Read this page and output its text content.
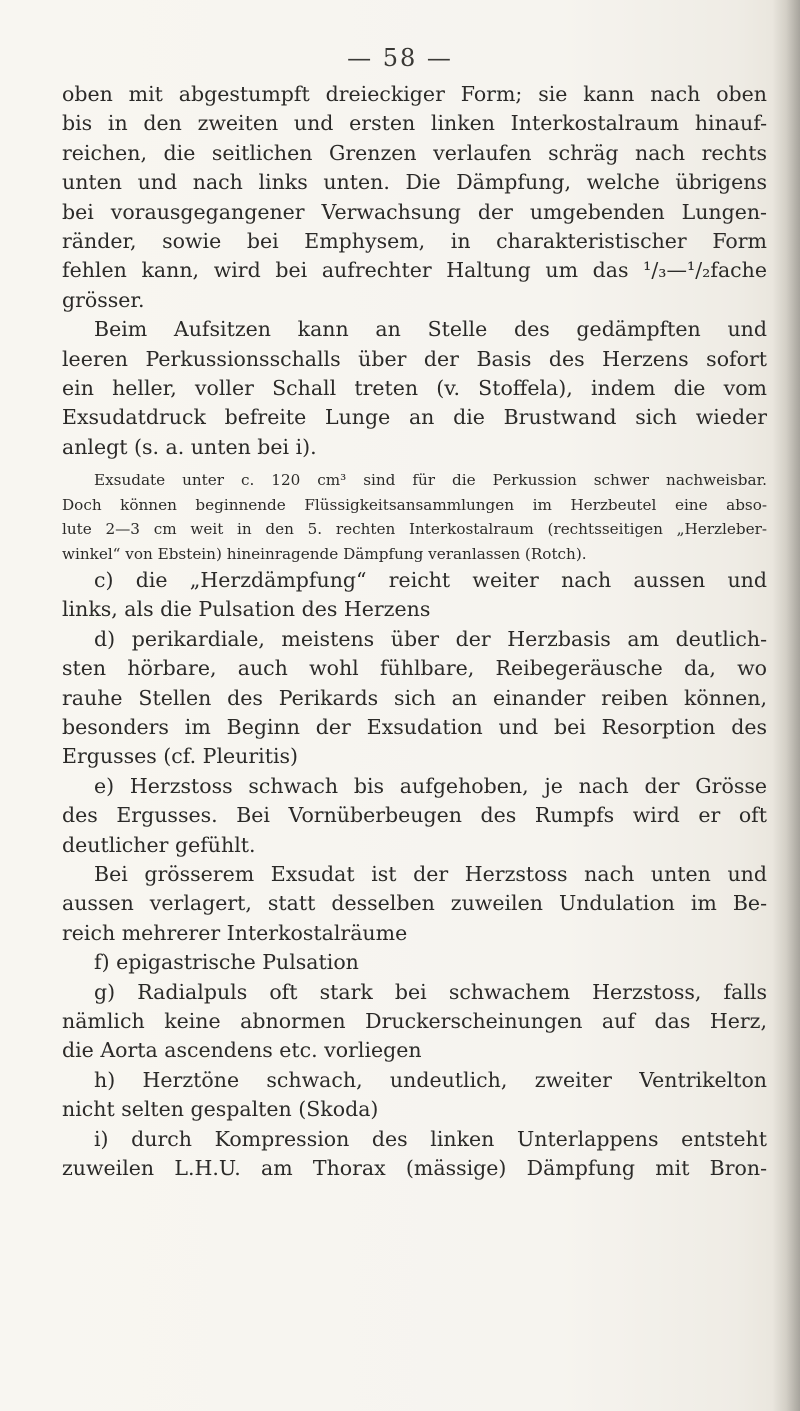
— 58 —
oben mit abgestumpft dreieckiger Form; sie kann nach oben
bis in den zweiten und ersten linken Interkostalraum hinauf-
reichen, die seitlichen Grenzen verlaufen schräg nach rechts
unten und nach links unten. Die Dämpfung, welche übrigens
bei vorausgegangener Verwachsung der umgebenden Lungen-
ränder, sowie bei Emphysem, in charakteristischer Form
fehlen kann, wird bei aufrechter Haltung um das ¹/₃—¹/₂fache
grösser.
Beim Aufsitzen kann an Stelle des gedämpften und
leeren Perkussionsschalls über der Basis des Herzens sofort
ein heller, voller Schall treten (v. Stoffela), indem die vom
Exsudatdruck befreite Lunge an die Brustwand sich wieder
anlegt (s. a. unten bei i).
Exsudate unter c. 120 cm³ sind für die Perkussion schwer nachweisbar.
Doch können beginnende Flüssigkeitsansammlungen im Herzbeutel eine abso-
lute 2—3 cm weit in den 5. rechten Interkostalraum (rechtsseitigen „Herzleber-
winkel“ von Ebstein) hineinragende Dämpfung veranlassen (Rotch).
c) die „Herzdämpfung“ reicht weiter nach aussen und
links, als die Pulsation des Herzens
d) perikardiale, meistens über der Herzbasis am deutlich-
sten hörbare, auch wohl fühlbare, Reibegeräusche da, wo
rauhe Stellen des Perikards sich an einander reiben können,
besonders im Beginn der Exsudation und bei Resorption des
Ergusses (cf. Pleuritis)
e) Herzstoss schwach bis aufgehoben, je nach der Grösse
des Ergusses. Bei Vornüberbeugen des Rumpfs wird er oft
deutlicher gefühlt.
Bei grösserem Exsudat ist der Herzstoss nach unten und
aussen verlagert, statt desselben zuweilen Undulation im Be-
reich mehrerer Interkostalräume
f) epigastrische Pulsation
g) Radialpuls oft stark bei schwachem Herzstoss, falls
nämlich keine abnormen Druckerscheinungen auf das Herz,
die Aorta ascendens etc. vorliegen
h) Herztöne schwach, undeutlich, zweiter Ventrikelton
nicht selten gespalten (Skoda)
i) durch Kompression des linken Unterlappens entsteht
zuweilen L.H.U. am Thorax (mässige) Dämpfung mit Bron-
